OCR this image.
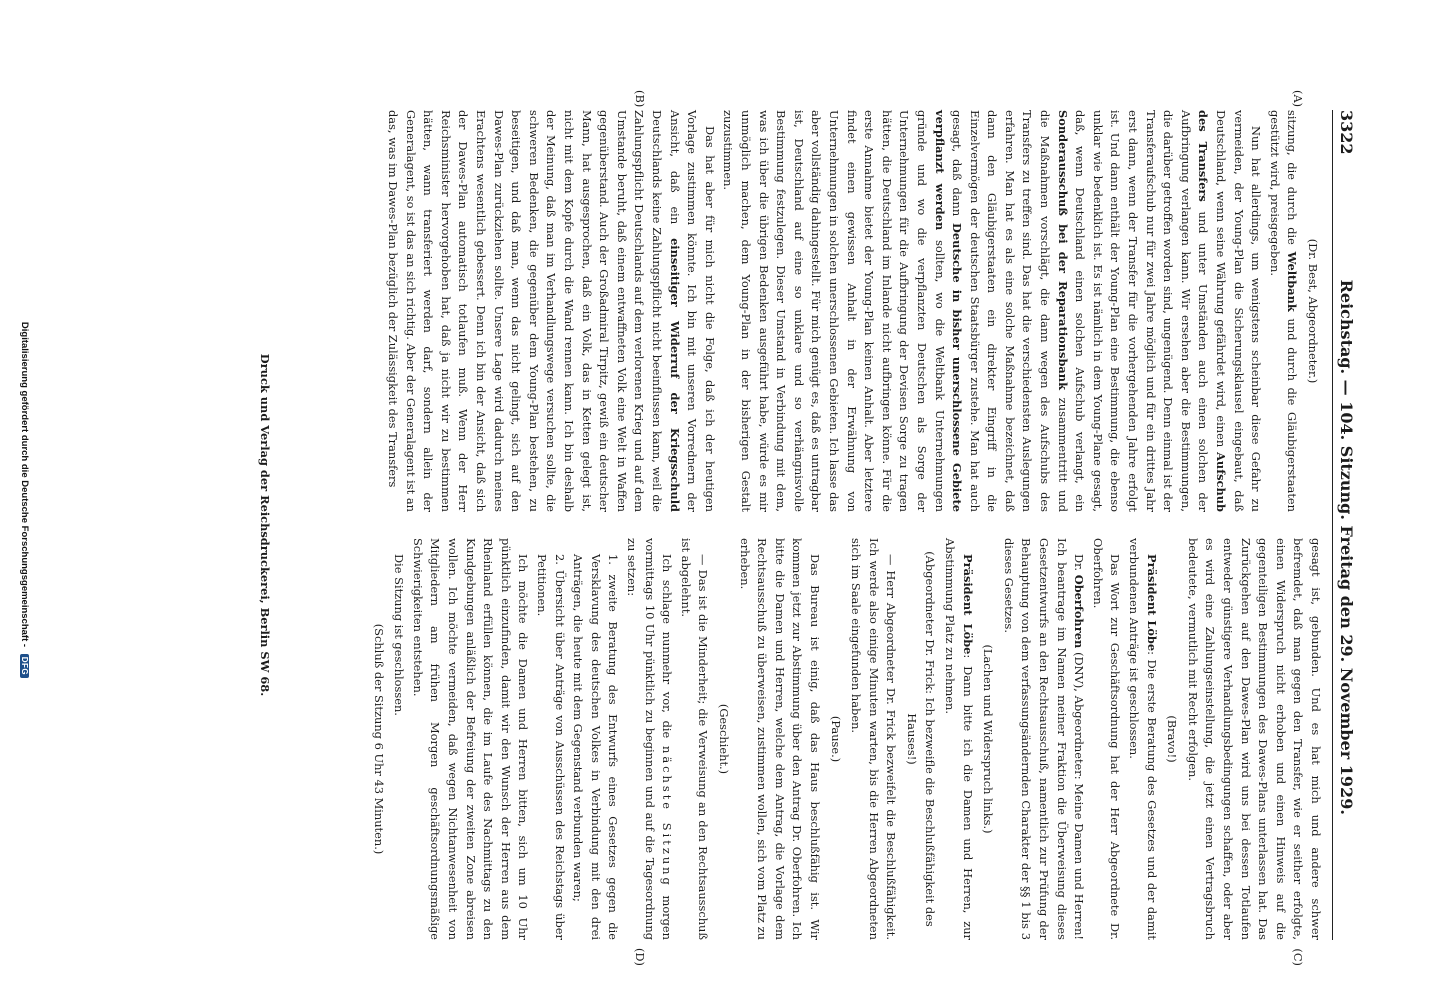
3322
Reichstag. — 104. Sitzung. Freitag den 29. November 1929.
(A)
(B)

(Dr. Best, Abgeordneter.)

sitzung, die durch die Weltbank und durch die Gläubigerstaaten gestützt wird, preisgegeben.

Nun hat allerdings, um wenigstens scheinbar diese Gefahr zu vermeiden, der Young-Plan die Sicherungsklausel eingebaut, daß Deutschland, wenn seine Währung gefährdet wird, einen Aufschub des Transfers und unter Umständen auch einen solchen der Aufbringung verlangen kann. Wir ersehen aber die Bestimmungen, die darüber getroffen worden sind, ungenügend. Denn einmal ist der Transferaufschub nur für zwei Jahre möglich und für ein drittes Jahr erst dann, wenn der Transfer für die vorhergehenden Jahre erfolgt ist. Und dann enthält der Young-Plan eine Bestimmung, die ebenso unklar wie bedenklich ist. Es ist nämlich in dem Young-Plane gesagt, daß, wenn Deutschland einen solchen Aufschub verlangt, ein Sonderausschuß bei der Reparationsbank zusammentritt und die Maßnahmen vorschlägt, die dann wegen des Aufschubs des Transfers zu treffen sind. Das hat die verschiedensten Auslegungen erfahren. Man hat es als eine solche Maßnahme bezeichnet, daß dann den Gläubigerstaaten ein direkter Eingriff in die Einzelvermögen der deutschen Staatsbürger zustehe. Man hat auch gesagt, daß dann Deutsche in bisher unerschlossene Gebiete verpflanzt werden sollten, wo die Weltbank Unternehmungen gründe und wo die verpflanzten Deutschen als Sorge der Unternehmungen für die Aufbringung der Devisen Sorge zu tragen hätten, die Deutschland im Inlande nicht aufbringen könne. Für die erste Annahme bietet der Young-Plan keinen Anhalt. Aber letztere findet einen gewissen Anhalt in der Erwähnung von Unternehmungen in solchen unerschlossenen Gebieten. Ich lasse das aber vollständig dahingestellt. Für mich genügt es, daß es untragbar ist, Deutschland auf eine so unklare und so verhängnisvolle Bestimmung festzulegen. Dieser Umstand in Verbindung mit dem, was ich über die übrigen Bedenken ausgeführt habe, würde es mir unmöglich machen, dem Young-Plan in der bisherigen Gestalt zuzustimmen.

Das hat aber für mich nicht die Folge, daß ich der heutigen Vorlage zustimmen könnte. Ich bin mit unseren Vorrednern der Ansicht, daß ein einseitiger Widerruf der Kriegsschuld Deutschlands keine Zahlungspflicht nicht beeinflussen kann, weil die Zahlungspflicht Deutschlands auf dem verlorenen Krieg und auf dem Umstande beruht, daß einem entwaffneten Volk eine Welt in Waffen gegenüberstand. Auch der Großadmiral Tirpitz, gewiß ein deutscher Mann, hat ausgesprochen, daß ein Volk, das in Ketten gelegt ist, nicht mit dem Kopfe durch die Wand rennen kann. Ich bin deshalb der Meinung, daß man im Verhandlungswege versuchen sollte, die schweren Bedenken, die gegenüber dem Young-Plan bestehen, zu beseitigen, und daß man, wenn das nicht gelingt, sich auf den Dawes-Plan zurückziehen sollte. Unsere Lage wird dadurch meines Erachtens wesentlich gebessert. Denn ich bin der Ansicht, daß sich der Dawes-Plan automatisch totlaufen muß. Wenn der Herr Reichsminister hervorgehoben hat, daß ja nicht wir zu bestimmen hätten, wann transferiert werden darf, sondern allein der Generalagent, so ist das an sich richtig. Aber der Generalagent ist an das, was im Dawes-Plan bezüglich der Zulässigkeit des Transfers

(C)
(D)

gesagt ist, gebunden. Und es hat mich und andere schwer befremdet, daß man gegen den Transfer, wie er seither erfolgte, einen Widerspruch nicht erhoben und einen Hinweis auf die gegenteiligen Bestimmungen des Dawes-Plans unterlassen hat. Das Zurückgehen auf den Dawes-Plan wird uns bei dessen Totlaufen entweder günstigere Verhandlungsbedingungen schaffen, oder aber es wird eine Zahlungseinstellung, die jetzt einen Vertragsbruch bedeutete, vermutlich mit Recht erfolgen.

(Bravo!)

Präsident Löbe: Die erste Beratung des Gesetzes und der damit verbundenen Anträge ist geschlossen.

Das Wort zur Geschäftsordnung hat der Herr Abgeordnete Dr. Oberfohren.

Dr. Oberfohren (DNV), Abgeordneter: Meine Damen und Herren! Ich beantrage im Namen meiner Fraktion die Überweisung dieses Gesetzentwurfs an den Rechtsausschuß, namentlich zur Prüfung der Behauptung von dem verfassungsändernden Charakter der §§ 1 bis 3 dieses Gesetzes.

(Lachen und Widerspruch links.)

Präsident Löbe: Dann bitte ich die Damen und Herren, zur Abstimmung Platz zu nehmen.

(Abgeordneter Dr. Frick: Ich bezweifle die Beschlußfähigkeit des Hauses!)

— Herr Abgeordneter Dr. Frick bezweifelt die Beschlußfähigkeit. Ich werde also einige Minuten warten, bis die Herren Abgeordneten sich im Saale eingefunden haben.

(Pause.)

Das Bureau ist einig, daß das Haus beschlußfähig ist. Wir kommen jetzt zur Abstimmung über den Antrag Dr. Oberfohren. Ich bitte die Damen und Herren, welche dem Antrag, die Vorlage dem Rechtsausschuß zu überweisen, zustimmen wollen, sich vom Platz zu erheben.

(Geschieht.)

— Das ist die Minderheit; die Verweisung an den Rechtsausschuß ist abgelehnt.

Ich schlage nunmehr vor, die nächste Sitzung morgen vormittags 10 Uhr pünktlich zu beginnen und auf die Tagesordnung zu setzen:

1. zweite Beratung des Entwurfs eines Gesetzes gegen die Versklavung des deutschen Volkes in Verbindung mit den drei Anträgen, die heute mit dem Gegenstand verbunden waren;

2. Übersicht über Anträge von Ausschüssen des Reichstags über Petitionen.

Ich möchte die Damen und Herren bitten, sich um 10 Uhr pünktlich einzufinden, damit wir den Wunsch der Herren aus dem Rheinland erfüllen können, die im Laufe des Nachmittags zu den Kundgebungen anläßlich der Befreiung der zweiten Zone abreisen wollen. Ich möchte vermeiden, daß wegen Nichtanwesenheit von Mitgliedern am frühen Morgen geschäftsordnungsmäßige Schwierigkeiten entstehen.

Die Sitzung ist geschlossen.

(Schluß der Sitzung 6 Uhr 43 Minuten.)

Druck und Verlag der Reichsdruckerei, Berlin SW 68.
Digitalisierung gefördert durch die Deutsche Forschungsgemeinschaft - DFG
